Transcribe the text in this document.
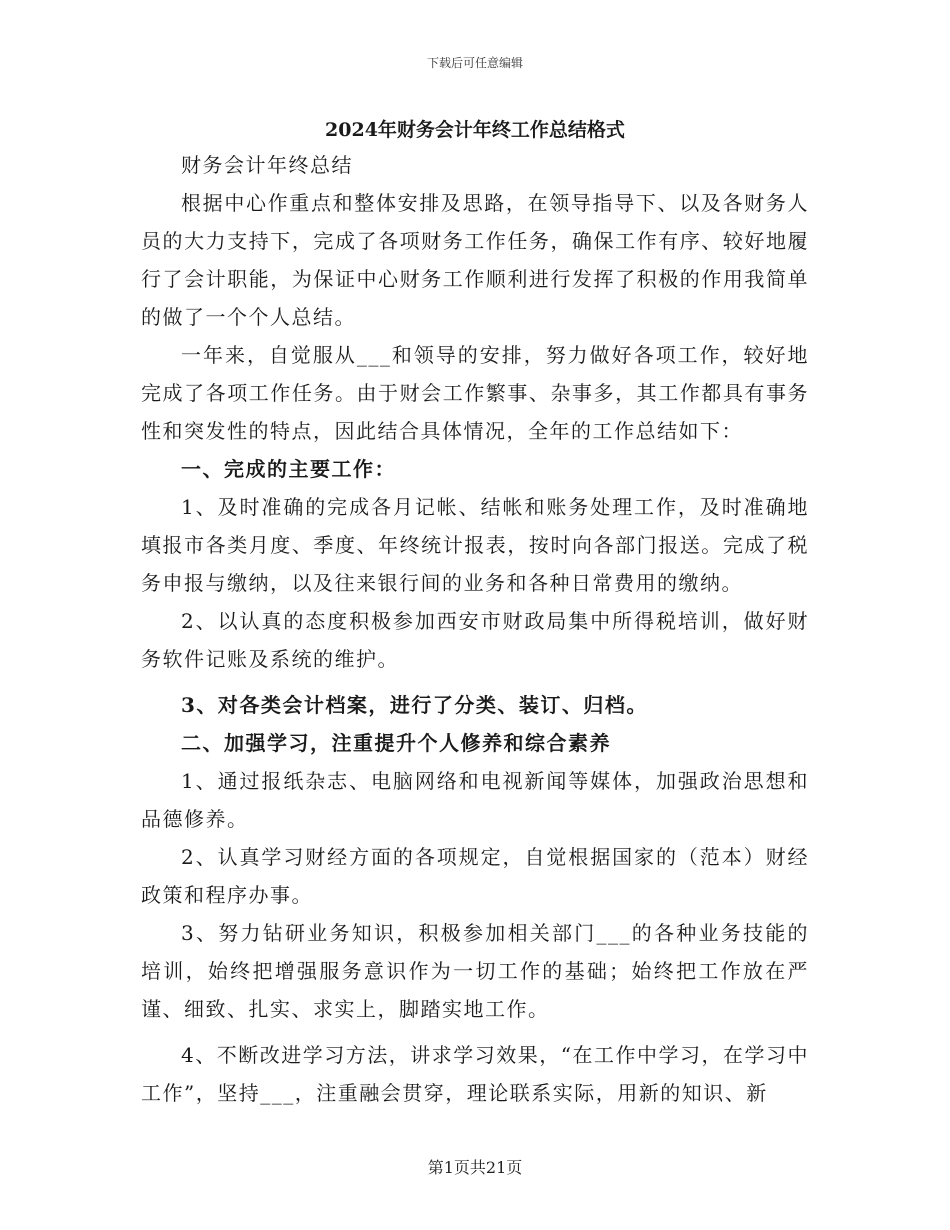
下载后可任意编辑
2024年财务会计年终工作总结格式

财务会计年终总结

根据中心作重点和整体安排及思路，在领导指导下、以及各财务人员的大力支持下，完成了各项财务工作任务，确保工作有序、较好地履行了会计职能，为保证中心财务工作顺利进行发挥了积极的作用我简单的做了一个个人总结。

一年来，自觉服从___和领导的安排，努力做好各项工作，较好地完成了各项工作任务。由于财会工作繁事、杂事多，其工作都具有事务性和突发性的特点，因此结合具体情况，全年的工作总结如下：

一、完成的主要工作：

1、及时准确的完成各月记帐、结帐和账务处理工作，及时准确地填报市各类月度、季度、年终统计报表，按时向各部门报送。完成了税务申报与缴纳，以及往来银行间的业务和各种日常费用的缴纳。

2、以认真的态度积极参加西安市财政局集中所得税培训，做好财务软件记账及系统的维护。

3、对各类会计档案，进行了分类、装订、归档。

二、加强学习，注重提升个人修养和综合素养

1、通过报纸杂志、电脑网络和电视新闻等媒体，加强政治思想和品德修养。

2、认真学习财经方面的各项规定，自觉根据国家的（范本）财经政策和程序办事。

3、努力钻研业务知识，积极参加相关部门___的各种业务技能的培训，始终把增强服务意识作为一切工作的基础；始终把工作放在严谨、细致、扎实、求实上，脚踏实地工作。

4、不断改进学习方法，讲求学习效果，“在工作中学习，在学习中工作”，坚持___，注重融会贯穿，理论联系实际，用新的知识、新

第1页共21页
